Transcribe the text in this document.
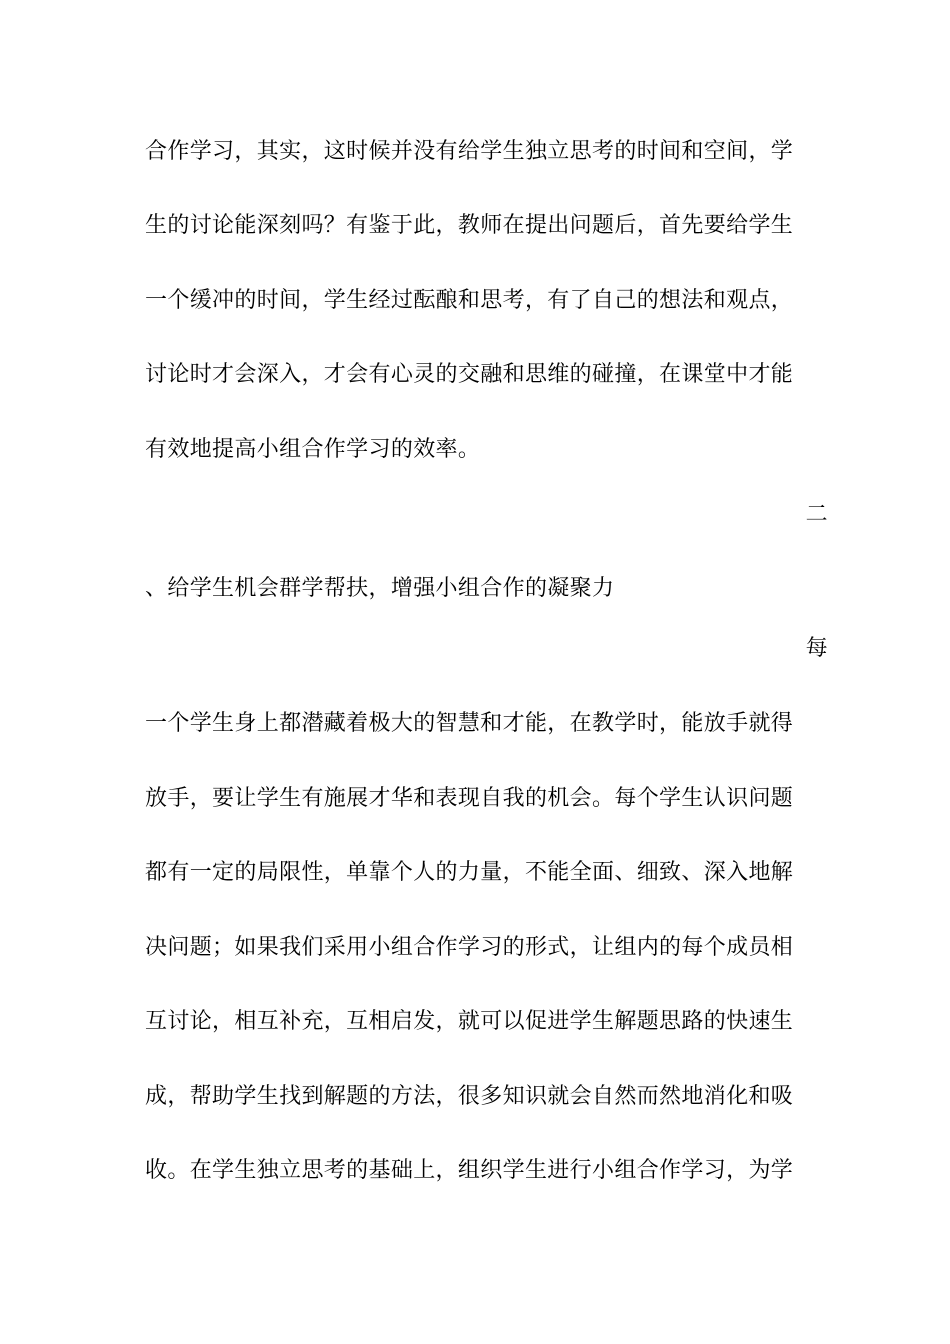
合作学习，其实，这时候并没有给学生独立思考的时间和空间，学
生的讨论能深刻吗？有鉴于此，教师在提出问题后，首先要给学生
一个缓冲的时间，学生经过酝酿和思考，有了自己的想法和观点，
讨论时才会深入，才会有心灵的交融和思维的碰撞，在课堂中才能
有效地提高小组合作学习的效率。
二
、给学生机会群学帮扶，增强小组合作的凝聚力
每
一个学生身上都潜藏着极大的智慧和才能，在教学时，能放手就得
放手，要让学生有施展才华和表现自我的机会。每个学生认识问题
都有一定的局限性，单靠个人的力量，不能全面、细致、深入地解
决问题；如果我们采用小组合作学习的形式，让组内的每个成员相
互讨论，相互补充，互相启发，就可以促进学生解题思路的快速生
成，帮助学生找到解题的方法，很多知识就会自然而然地消化和吸
收。在学生独立思考的基础上，组织学生进行小组合作学习，为学
